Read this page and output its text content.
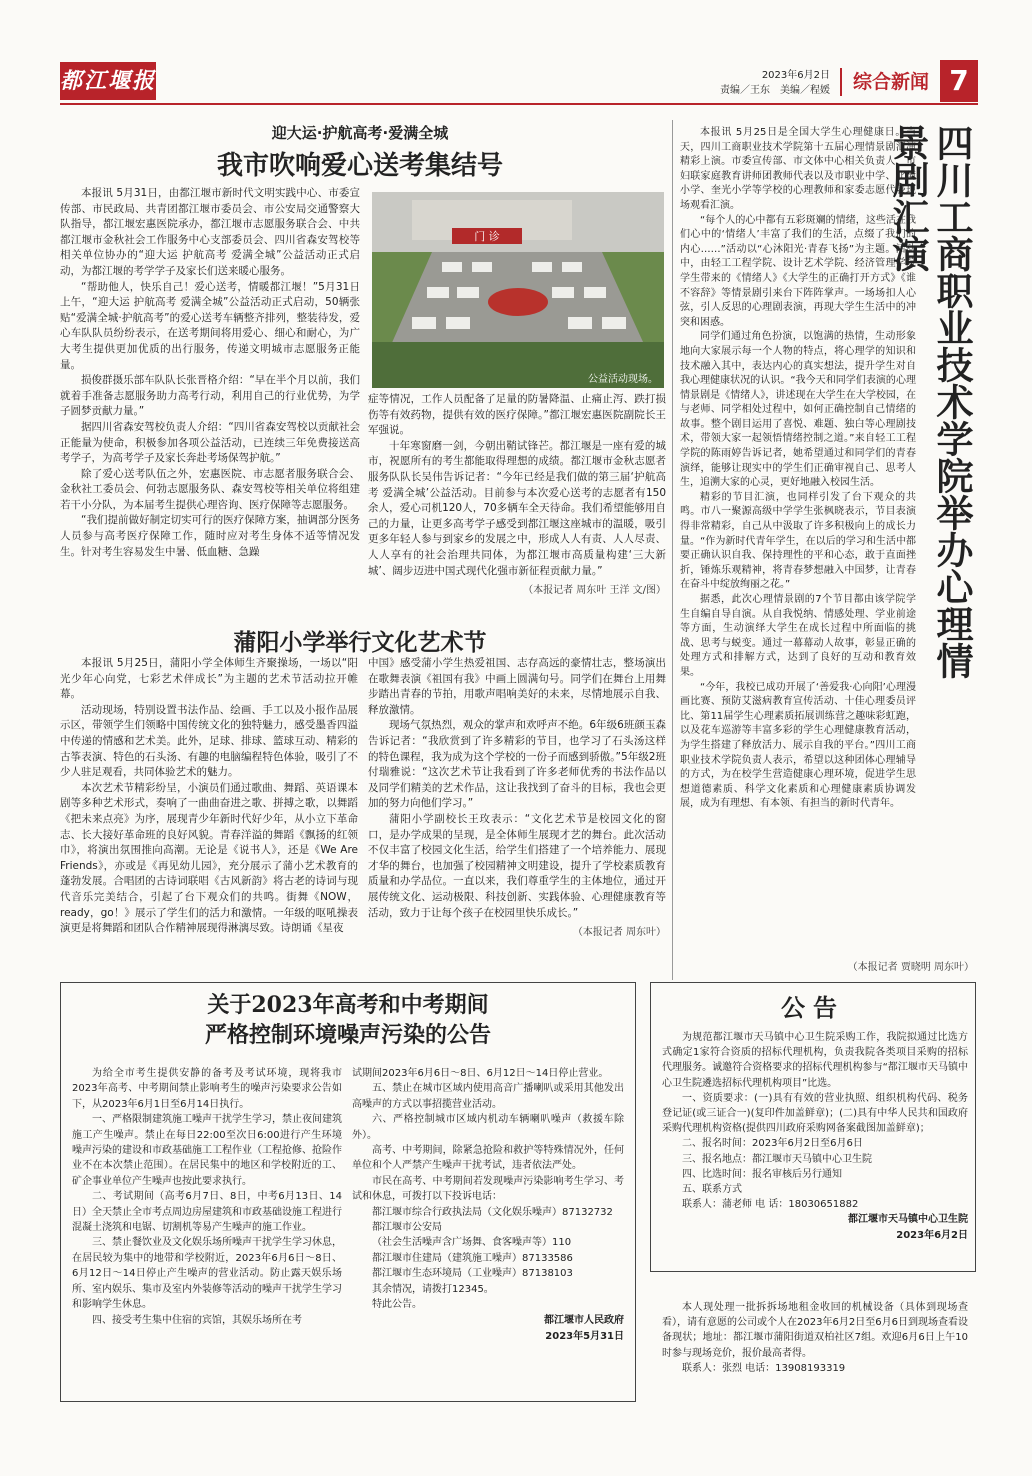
都江堰报	2023年6月2日
责编／王东　美编／程媛	综合新闻 7
迎大运·护航高考·爱满全城
我市吹响爱心送考集结号

本报讯 5月31日，由都江堰市新时代文明实践中心、市委宣传部、市民政局、共青团都江堰市委员会、市公安局交通警察大队指导，都江堰宏惠医院承办，都江堰市志愿服务联合会、中共都江堰市金秋社会工作服务中心支部委员会、四川省森安驾校等相关单位协办的“迎大运 护航高考 爱满全城”公益活动正式启动，为都江堰的考学学子及家长们送来暖心服务。

“帮助他人，快乐自己！爱心送考，情暖都江堰！”5月31日上午，“迎大运 护航高考 爱满全城”公益活动正式启动，50辆张贴“爱满全城·护航高考”的爱心送考车辆整齐排列，整装待发，爱心车队队员纷纷表示，在送考期间将用爱心、细心和耐心，为广大考生提供更加优质的出行服务，传递文明城市志愿服务正能量。

损俊群摄乐部车队队长张晋格介绍：“早在半个月以前，我们就着手准备志愿服务助力高考行动，利用自己的行业优势，为学子圆梦贡献力量。”

据四川省森安驾校负责人介绍：“四川省森安驾校以贡献社会正能量为使命，积极参加各项公益活动，已连续三年免费接送高考学子，为高考学子及家长奔赴考场保驾护航。”

除了爱心送考队伍之外，宏惠医院、市志愿者服务联合会、金秋社工委员会、何勃志愿服务队、森安驾校等相关单位将组建若干小分队，为本届考生提供心理咨询、医疗保障等志愿服务。

“我们提前做好制定切实可行的医疗保障方案，抽调部分医务人员参与高考医疗保障工作，随时应对考生身体不适等情况发生。针对考生容易发生中暑、低血糖、急躁

门 诊
公益活动现场。

症等情况，工作人员配备了足量的防暑降温、止痛止泻、跌打损伤等有效药物，提供有效的医疗保障。”都江堰宏惠医院副院长王军强说。

十年寒窗磨一剑，今朝出鞘试锋芒。都江堰是一座有爱的城市，祝愿所有的考生都能取得理想的成绩。都江堰市金秋志愿者服务队队长吴伟告诉记者：“今年已经是我们做的第三届‘护航高考 爱满全城’公益活动。目前参与本次爱心送考的志愿者有150余人，爱心司机120人，70多辆车全天待命。我们希望能够用自己的力量，让更多高考学子感受到都江堰这座城市的温暖，吸引更多年轻人参与到家乡的发展之中，形成人人有责、人人尽责、人人享有的社会治理共同体，为都江堰市高质量构建‘三大新城’、阔步迈进中国式现代化强市新征程贡献力量。”

（本报记者 周东叶 王洋 文/图）
蒲阳小学举行文化艺术节

本报讯 5月25日，蒲阳小学全体师生齐聚操场，一场以“阳光少年心向党，七彩艺术伴成长”为主题的艺术节活动拉开帷幕。

活动现场，特别设置书法作品、绘画、手工以及小报作品展示区，带领学生们领略中国传统文化的独特魅力，感受墨香四溢中传递的情感和艺术美。此外，足球、排球、篮球互动、精彩的古筝表演、特色的石头汤、有趣的电脑编程特色体验，吸引了不少人驻足观看，共同体验艺术的魅力。

本次艺术节精彩纷呈，小演员们通过歌曲、舞蹈、英语课本剧等多种艺术形式，奏响了一曲曲奋进之歌、拼搏之歌，以舞蹈《把未来点亮》为序，展现青少年新时代好少年，从小立下革命志、长大接好革命班的良好风貌。青春洋溢的舞蹈《飘扬的红领巾》，将演出氛围推向高潮。无论是《说书人》，还是《We Are Friends》，亦或是《再见幼儿园》，充分展示了蒲小艺术教育的蓬勃发展。合唱团的古诗词联唱《古风新韵》将古老的诗词与现代音乐完美结合，引起了台下观众们的共鸣。街舞《NOW，ready，go！》展示了学生们的活力和激情。一年级的呕吼操表演更是将舞蹈和团队合作精神展现得淋漓尽致。诗朗诵《星夜

中国》感受蒲小学生热爱祖国、志存高远的豪情壮志，整场演出在歌舞表演《祖国有我》中画上圆满句号。同学们在舞台上用舞步踏出青春的节拍，用歌声唱响美好的未来，尽情地展示自我、释放激情。

现场气氛热烈，观众的掌声和欢呼声不绝。6年级6班颜玉森告诉记者：“我欣赏到了许多精彩的节目，也学习了石头汤这样的特色课程，我为成为这个学校的一份子而感到骄傲。”5年级2班付瑞雅说：“这次艺术节让我看到了许多老师优秀的书法作品以及同学们精美的艺术作品，这让我找到了奋斗的目标，我也会更加的努力向他们学习。”

蒲阳小学副校长王玫表示：“文化艺术节是校园文化的窗口，是办学成果的呈现，是全体师生展现才艺的舞台。此次活动不仅丰富了校园文化生活，给学生们搭建了一个培养能力、展现才华的舞台，也加强了校园精神文明建设，提升了学校素质教育质量和办学品位。一直以来，我们尊重学生的主体地位，通过开展传统文化、运动极限、科技创新、实践体验、心理健康教育等活动，致力于让每个孩子在校园里快乐成长。”

（本报记者 周东叶）

本报讯 5月25日是全国大学生心理健康日。当天，四川工商职业技术学院第十五届心理情景剧汇演精彩上演。市委宣传部、市文体中心相关负责人，市妇联家庭教育讲师团教师代表以及市职业中学、北街小学、奎光小学等学校的心理教师和家委志愿代表现场观看汇演。

“每个人的心中都有五彩斑斓的情绪，这些活在我们心中的‘情绪人’丰富了我们的生活，点缀了我们的内心……”活动以“心沐阳光·青春飞扬”为主题。活动中，由轻工工程学院、设计艺术学院、经济管理学院学生带来的《情绪人》《大学生的正确打开方式》《谁不容辞》等情景剧引来台下阵阵掌声。一场场扣人心弦，引人反思的心理剧表演，再现大学生生活中的冲突和困惑。

同学们通过角色扮演，以饱满的热情，生动形象地向大家展示每一个人物的特点，将心理学的知识和技术融入其中，表达内心的真实想法，提升学生对自我心理健康状况的认识。“我今天和同学们表演的心理情景剧是《情绪人》，讲述现在大学生在大学校园，在与老师、同学相处过程中，如何正确控制自己情绪的故事。整个剧目运用了喜悦、难题、独白等心理剧技术，带领大家一起领悟情绪控制之道。”来自轻工工程学院的陈雨婷告诉记者，她希望通过和同学们的青春演绎，能够让现实中的学生们正确审视自己、思考人生，追溯大家的心灵，更好地融入校园生活。

精彩的节目汇演，也同样引发了台下观众的共鸣。市八一聚源高级中学学生张枫晓表示，节目表演得非常精彩，自己从中汲取了许多积极向上的成长力量。“作为新时代青年学生，在以后的学习和生活中都要正确认识自我、保持理性的平和心态，敢于直面挫折，锤炼乐观精神，将青春梦想融入中国梦，让青春在奋斗中绽放绚丽之花。”

据悉，此次心理情景剧的7个节目都由该学院学生自编自导自演。从自我悦纳、情感处理、学业前途等方面，生动演绎大学生在成长过程中所面临的挑战、思考与蜕变。通过一幕幕动人故事，彰显正确的处理方式和排解方式，达到了良好的互动和教育效果。

“今年，我校已成功开展了‘善爱我·心向阳’心理漫画比赛、预防艾滋病教育宣传活动、十佳心理委员评比、第11届学生心理素质拓展训练营之趣味彩虹跑，以及花车巡游等丰富多彩的学生心理健康教育活动，为学生搭建了释放活力、展示自我的平台。”四川工商职业技术学院负责人表示，希望以这种团体心理辅导的方式，为在校学生营造健康心理环境，促进学生思想道德素质、科学文化素质和心理健康素质协调发展，成为有理想、有本领、有担当的新时代青年。

四川工商职业技术学院举办心理情景剧汇演
（本报记者 贾晓明 周东叶）
关于2023年高考和中考期间
严格控制环境噪声污染的公告

为给全市考生提供安静的备考及考试环境，现将我市2023年高考、中考期间禁止影响考生的噪声污染要求公告如下，从2023年6月1日至6月14日执行。

一、严格限制建筑施工噪声干扰学生学习，禁止夜间建筑施工产生噪声。禁止在每日22:00至次日6:00进行产生环境噪声污染的建设和市政基础施工工程作业（工程抢修、抢险作业不在本次禁止范围）。在居民集中的地区和学校附近的工、矿企事业单位产生噪声也按此要求执行。

二、考试期间（高考6月7日、8日，中考6月13日、14日）全天禁止全市考点周边房屋建筑和市政基础设施工程进行混凝土浇筑和电锯、切割机等易产生噪声的施工作业。

三、禁止餐饮业及文化娱乐场所噪声干扰学生学习休息，在居民较为集中的地带和学校附近，2023年6月6日～8日、6月12日～14日停止产生噪声的营业活动。防止露天娱乐场所、室内娱乐、集市及室内外装修等活动的噪声干扰学生学习和影响学生休息。

四、接受考生集中住宿的宾馆，其娱乐场所在考

试期间2023年6月6日～8日、6月12日～14日停止营业。

五、禁止在城市区域内使用高音广播喇叭或采用其他发出高噪声的方式以事招揽营业活动。

六、严格控制城市区域内机动车辆喇叭噪声（救援车除外）。

高考、中考期间，除紧急抢险和救护等特殊情况外，任何单位和个人严禁产生噪声干扰考试，违者依法严处。

市民在高考、中考期间若发现噪声污染影响考生学习、考试和休息，可拨打以下投诉电话：

都江堰市综合行政执法局（文化娱乐噪声）87132732

都江堰市公安局

（社会生活噪声含广场舞、食客噪声等）110

都江堰市住建局（建筑施工噪声）87133586

都江堰市生态环境局（工业噪声）87138103

其余情况，请拨打12345。

特此公告。

都江堰市人民政府
2023年5月31日
公告

为规范都江堰市天马镇中心卫生院采购工作，我院拟通过比选方式确定1家符合资质的招标代理机构，负责我院各类项目采购的招标代理服务。诚邀符合资格要求的招标代理机构参与“都江堰市天马镇中心卫生院遴选招标代理机构项目”比选。

一、资质要求：(一)具有有效的营业执照、组织机构代码、税务登记证(或三证合一)(复印件加盖鲜章)；(二)具有中华人民共和国政府采购代理机构资格(提供四川政府采购网备案截图加盖鲜章)；

二、报名时间：2023年6月2日至6月6日

三、报名地点：都江堰市天马镇中心卫生院

四、比选时间：报名审核后另行通知

五、联系方式

联系人：蒲老师 电 话：18030651882

都江堰市天马镇中心卫生院
2023年6月2日

本人现处理一批拆拆场地租金收回的机械设备（具体到现场查看），请有意愿的公司或个人在2023年6月2日至6月6日到现场查看设备现状；地址：都江堰市蒲阳街道双柏社区7组。欢迎6月6日上午10时参与现场竞价，报价最高者得。

联系人：张烈 电话：13908193319
